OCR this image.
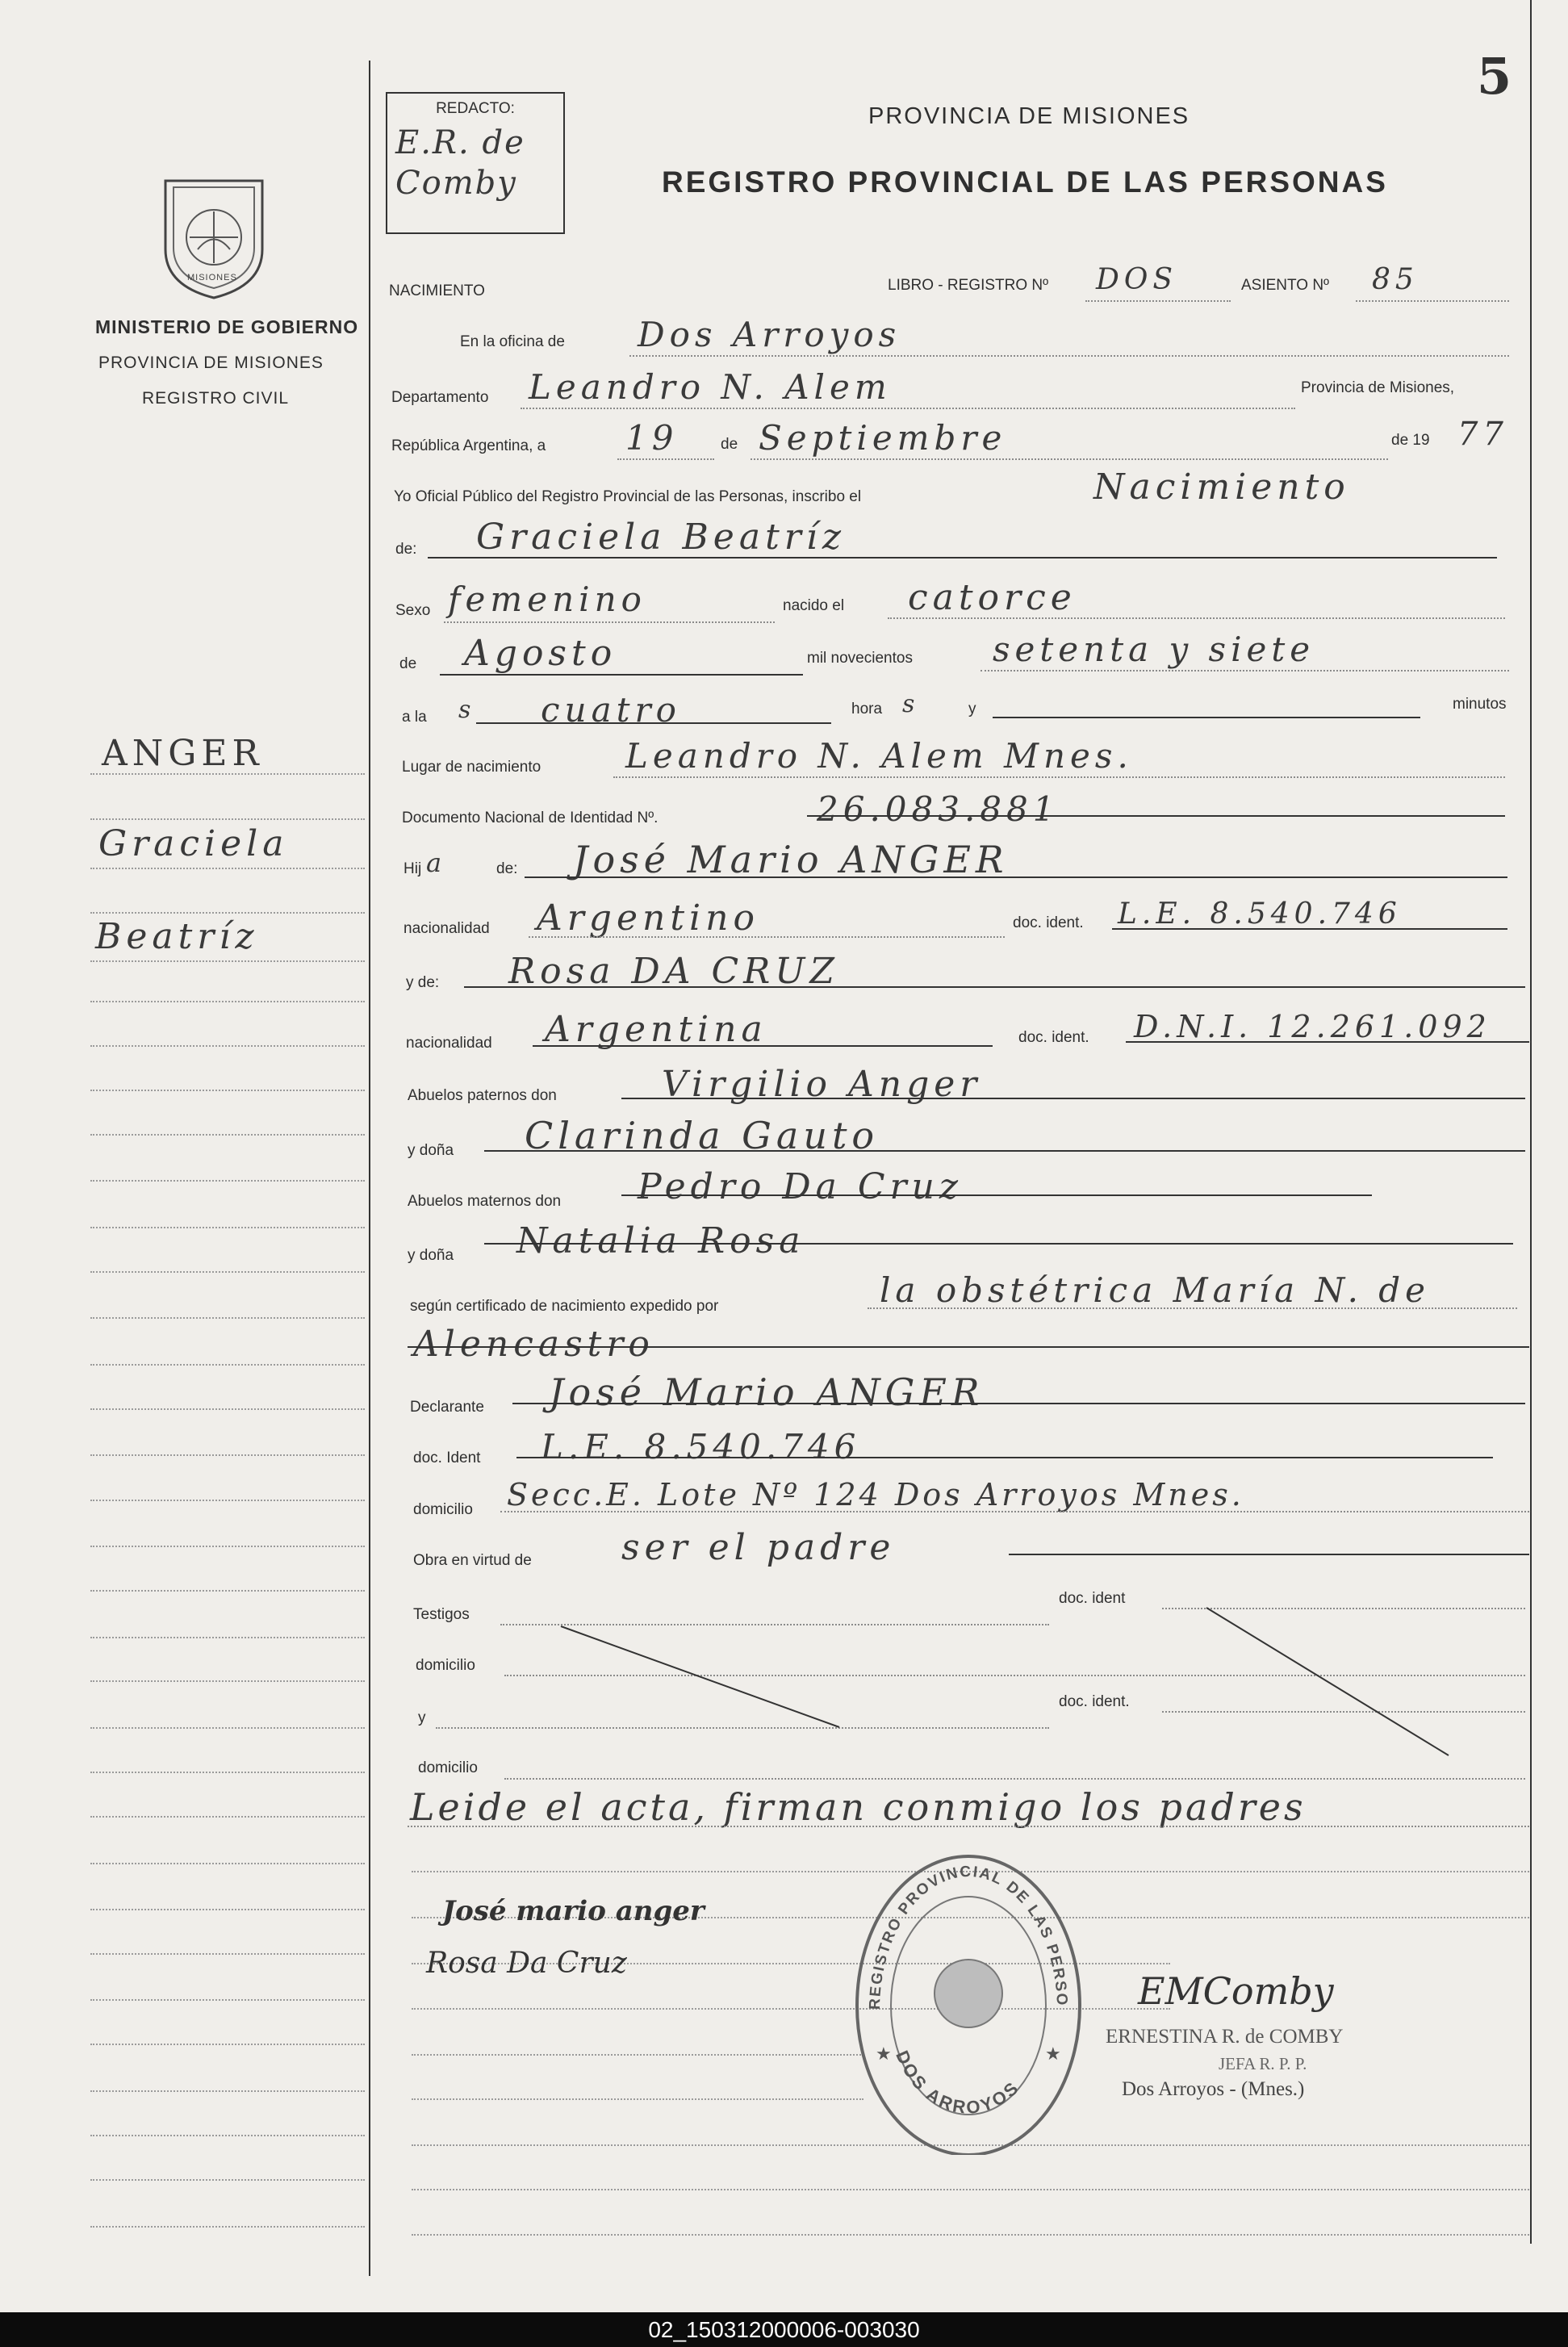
5
REDACTO:
E.R. de Comby
PROVINCIA DE MISIONES
REGISTRO PROVINCIAL DE LAS PERSONAS
MISIONES
MINISTERIO DE GOBIERNO
PROVINCIA DE MISIONES
REGISTRO CIVIL
ANGER
Graciela
Beatríz
NACIMIENTO	LIBRO - REGISTRO Nº DOS	ASIENTO Nº 85
En la oficina de Dos Arroyos
Departamento Leandro N. Alem	Provincia de Misiones,
República Argentina, a 19	de Septiembre	de 19 77
Yo Oficial Público del Registro Provincial de las Personas, inscribo el	Nacimiento
de: Graciela Beatríz
Sexo femenino	nacido el catorce
de Agosto	mil novecientos setenta y siete
a la s cuatro	hora s	y	minutos
Lugar de nacimiento Leandro N. Alem Mnes.
Documento Nacional de Identidad Nº.	26.083.881
Hij a	de: José Mario ANGER
nacionalidad Argentino	doc. ident. L.E. 8.540.746
y de: Rosa DA CRUZ
nacionalidad Argentina	doc. ident. D.N.I. 12.261.092
Abuelos paternos don	Virgilio Anger
y doña Clarinda Gauto
Abuelos maternos don Pedro Da Cruz
y doña Natalia Rosa
según certificado de nacimiento expedido por	la obstétrica María N. de
Alencastro
Declarante José Mario ANGER
doc. Ident L.E. 8.540.746
domicilio Secc.E. Lote Nº 124 Dos Arroyos Mnes.
Obra en virtud de	ser el padre
Testigos
doc. ident
domicilio
y
doc. ident.
domicilio
Leide el acta, firman conmigo los padres
José mario anger
Rosa Da Cruz
REGISTRO PROVINCIAL DE LAS PERSO
DOS ARROYOS
★	★
EMComby
ERNESTINA R. de COMBY
JEFA R. P. P.
Dos Arroyos - (Mnes.)
02_150312000006-003030
